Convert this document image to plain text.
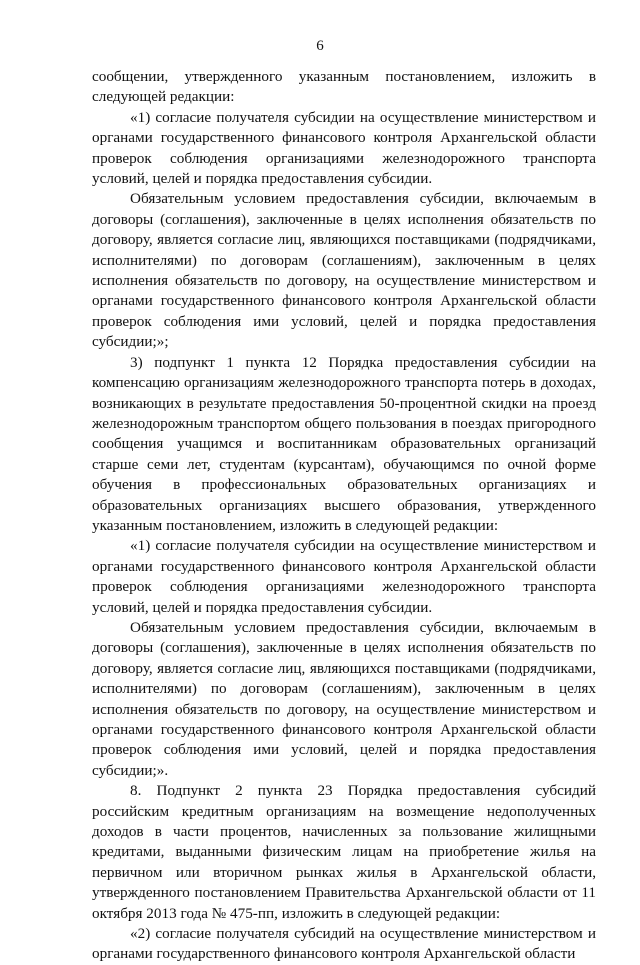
6

сообщении, утвержденного указанным постановлением, изложить в следующей редакции:

«1) согласие получателя субсидии на осуществление министерством и органами государственного финансового контроля Архангельской области проверок соблюдения организациями железнодорожного транспорта условий, целей и порядка предоставления субсидии.

Обязательным условием предоставления субсидии, включаемым в договоры (соглашения), заключенные в целях исполнения обязательств по договору, является согласие лиц, являющихся поставщиками (подрядчиками, исполнителями) по договорам (соглашениям), заключенным в целях исполнения обязательств по договору, на осуществление министерством и органами государственного финансового контроля Архангельской области проверок соблюдения ими условий, целей и порядка предоставления субсидии;»;

3) подпункт 1 пункта 12 Порядка предоставления субсидии на компенсацию организациям железнодорожного транспорта потерь в доходах, возникающих в результате предоставления 50-процентной скидки на проезд железнодорожным транспортом общего пользования в поездах пригородного сообщения учащимся и воспитанникам образовательных организаций старше семи лет, студентам (курсантам), обучающимся по очной форме обучения в профессиональных образовательных организациях и образовательных организациях высшего образования, утвержденного указанным постановлением, изложить в следующей редакции:

«1) согласие получателя субсидии на осуществление министерством и органами государственного финансового контроля Архангельской области проверок соблюдения организациями железнодорожного транспорта условий, целей и порядка предоставления субсидии.

Обязательным условием предоставления субсидии, включаемым в договоры (соглашения), заключенные в целях исполнения обязательств по договору, является согласие лиц, являющихся поставщиками (подрядчиками, исполнителями) по договорам (соглашениям), заключенным в целях исполнения обязательств по договору, на осуществление министерством и органами государственного финансового контроля Архангельской области проверок соблюдения ими условий, целей и порядка предоставления субсидии;».

8. Подпункт 2 пункта 23 Порядка предоставления субсидий российским кредитным организациям на возмещение недополученных доходов в части процентов, начисленных за пользование жилищными кредитами, выданными физическим лицам на приобретение жилья на первичном или вторичном рынках жилья в Архангельской области, утвержденного постановлением Правительства Архангельской области от 11 октября 2013 года № 475-пп, изложить в следующей редакции:

«2) согласие получателя субсидий на осуществление министерством и органами государственного финансового контроля Архангельской области
